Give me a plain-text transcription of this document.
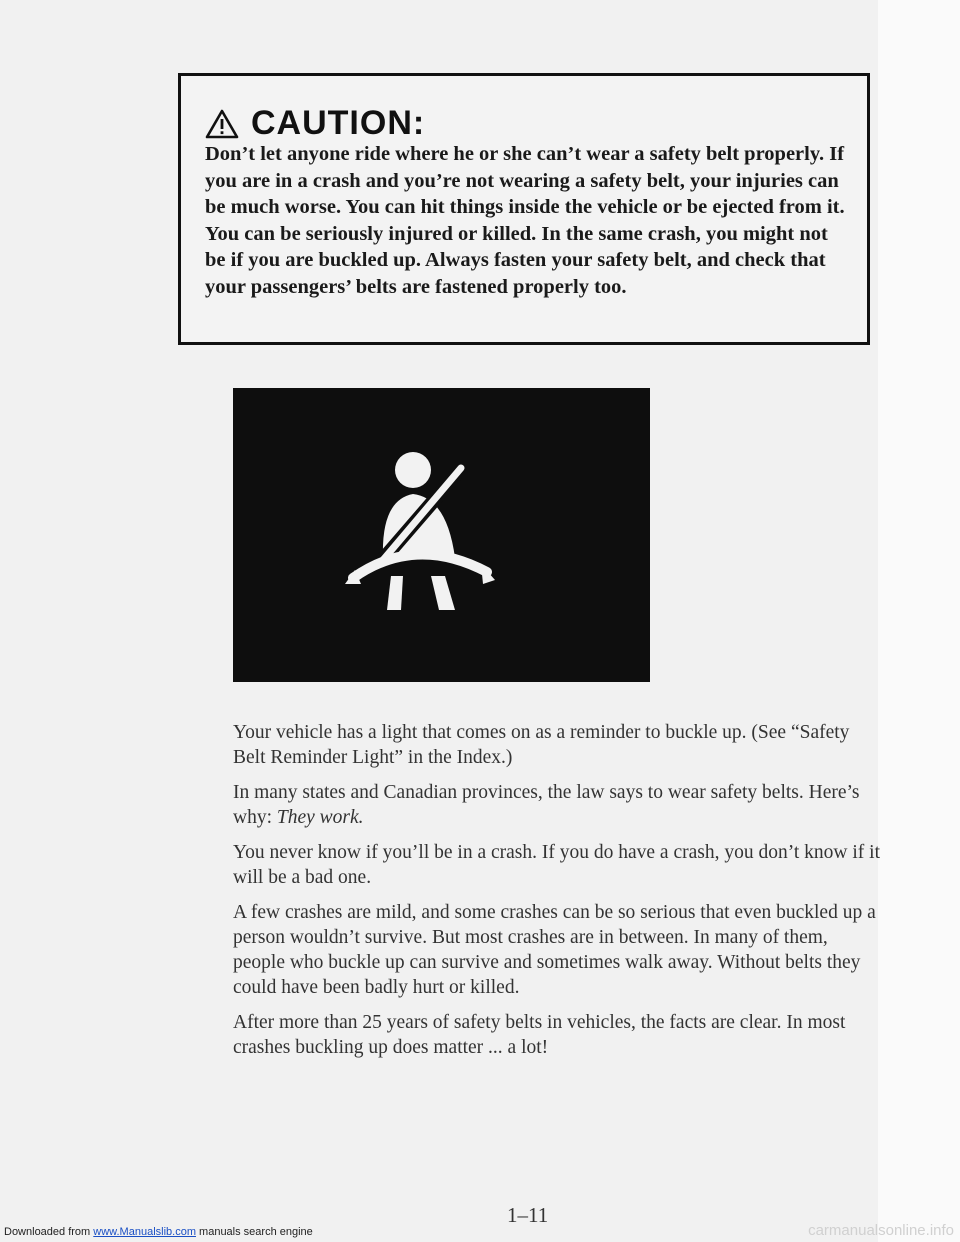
CAUTION:
Don’t let anyone ride where he or she can’t wear a safety belt properly. If you are in a crash and you’re not wearing a safety belt, your injuries can be much worse. You can hit things inside the vehicle or be ejected from it. You can be seriously injured or killed. In the same crash, you might not be if you are buckled up. Always fasten your safety belt, and check that your passengers’ belts are fastened properly too.

Your vehicle has a light that comes on as a reminder to buckle up. (See “Safety Belt Reminder Light” in the Index.)

In many states and Canadian provinces, the law says to wear safety belts. Here’s why: They work.

You never know if you’ll be in a crash. If you do have a crash, you don’t know if it will be a bad one.

A few crashes are mild, and some crashes can be so serious that even buckled up a person wouldn’t survive. But most crashes are in between. In many of them, people who buckle up can survive and sometimes walk away. Without belts they could have been badly hurt or killed.

After more than 25 years of safety belts in vehicles, the facts are clear. In most crashes buckling up does matter ... a lot!

1–11
Downloaded from www.Manualslib.com manuals search engine	carmanualsonline.info
